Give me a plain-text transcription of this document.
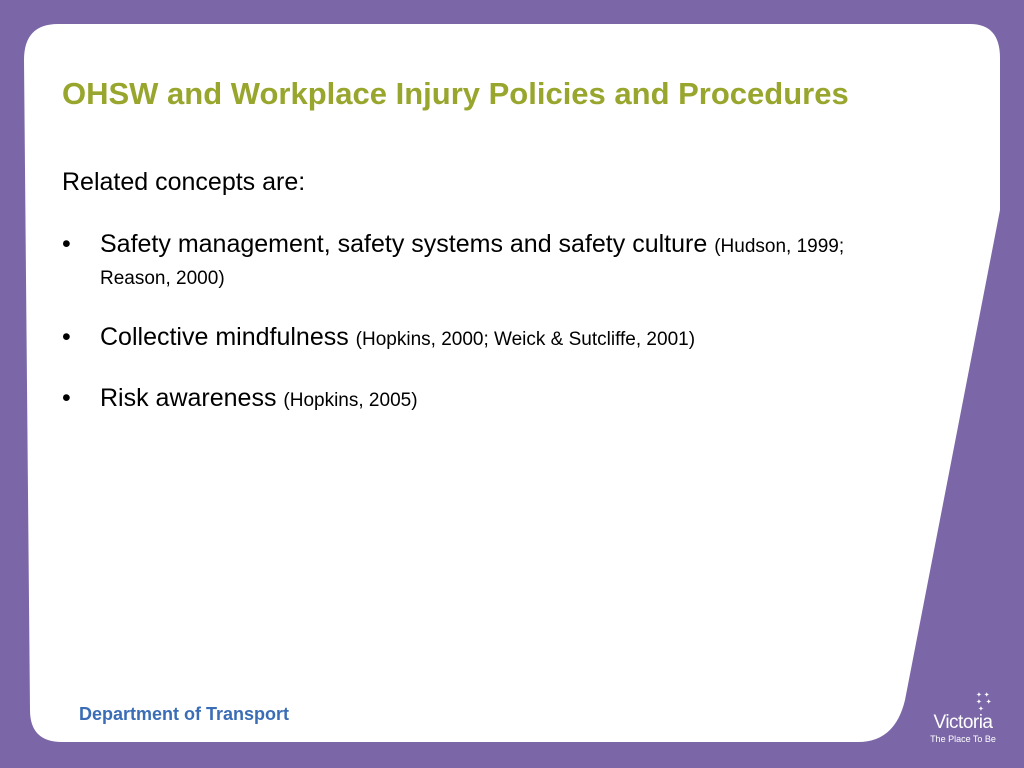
OHSW and Workplace Injury Policies and Procedures
Related concepts are:
• Safety management, safety systems and safety culture (Hudson, 1999;
Reason, 2000)
• Collective mindfulness (Hopkins, 2000; Weick & Sutcliffe, 2001)
• Risk awareness (Hopkins, 2005)
Department of Transport
✦ ✦
✦  ✦
✦
Victoria
The Place To Be
